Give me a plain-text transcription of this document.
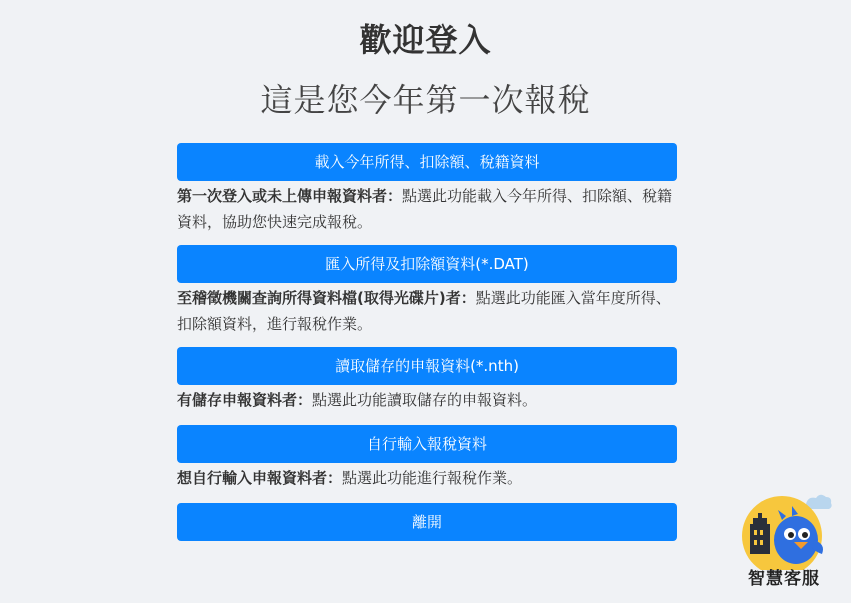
歡迎登入
這是您今年第一次報稅
載入今年所得、扣除額、稅籍資料
第一次登入或未上傳申報資料者：點選此功能載入今年所得、扣除額、稅籍資料，協助您快速完成報稅。
匯入所得及扣除額資料(*.DAT)
至稽徵機關查詢所得資料檔(取得光碟片)者：點選此功能匯入當年度所得、扣除額資料，進行報稅作業。
讀取儲存的申報資料(*.nth)
有儲存申報資料者：點選此功能讀取儲存的申報資料。
自行輸入報稅資料
想自行輸入申報資料者：點選此功能進行報稅作業。
離開
智慧客服
